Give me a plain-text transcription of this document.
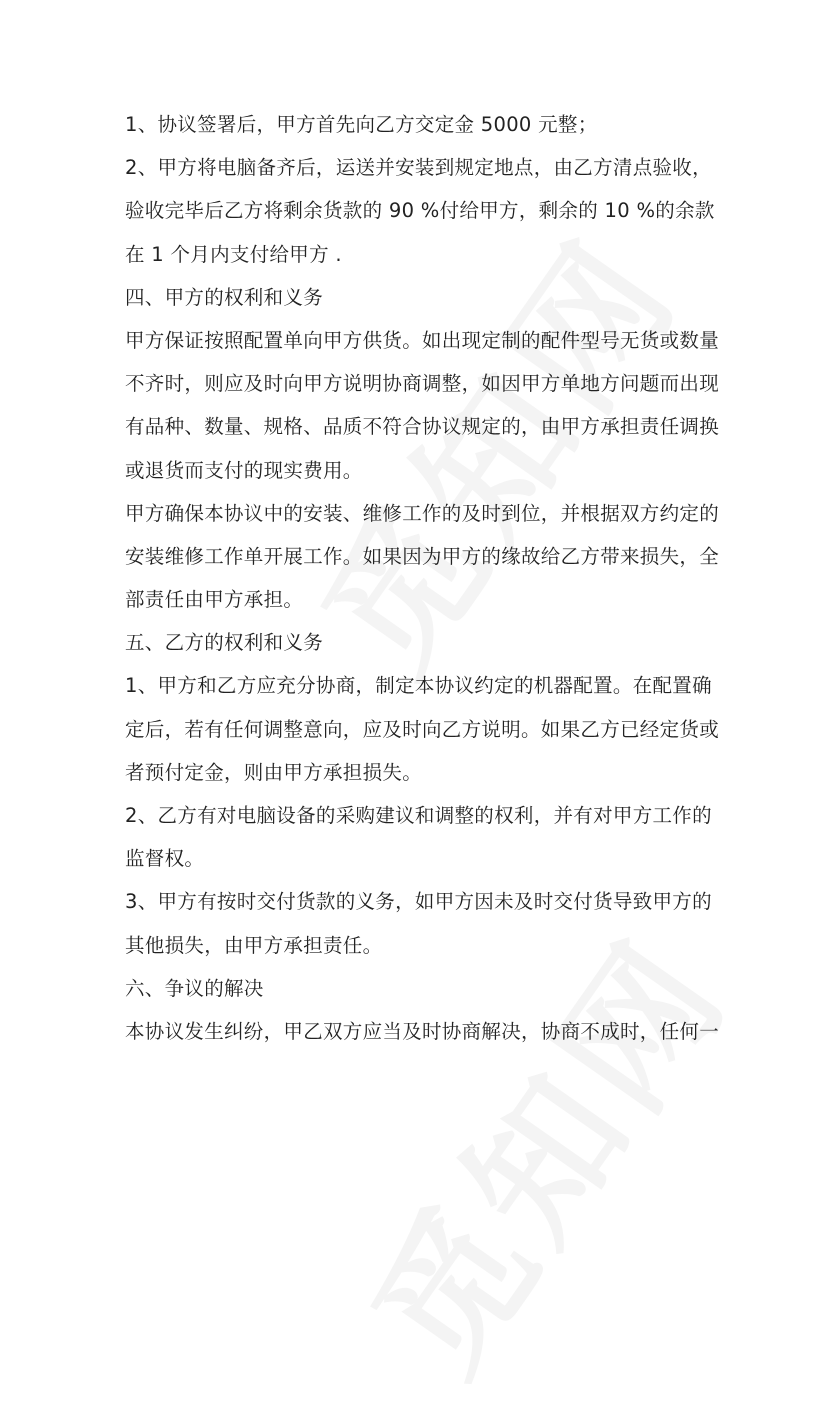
1、协议签署后，甲方首先向乙方交定金 5000 元整；
2、甲方将电脑备齐后，运送并安装到规定地点，由乙方清点验收，
验收完毕后乙方将剩余货款的 90 %付给甲方，剩余的 10 %的余款
在 1 个月内支付给甲方 .
四、甲方的权利和义务
甲方保证按照配置单向甲方供货。如出现定制的配件型号无货或数量
不齐时，则应及时向甲方说明协商调整，如因甲方单地方问题而出现
有品种、数量、规格、品质不符合协议规定的，由甲方承担责任调换
或退货而支付的现实费用。
甲方确保本协议中的安装、维修工作的及时到位，并根据双方约定的
安装维修工作单开展工作。如果因为甲方的缘故给乙方带来损失，全
部责任由甲方承担。
五、乙方的权利和义务
1、甲方和乙方应充分协商，制定本协议约定的机器配置。在配置确
定后，若有任何调整意向，应及时向乙方说明。如果乙方已经定货或
者预付定金，则由甲方承担损失。
2、乙方有对电脑设备的采购建议和调整的权利，并有对甲方工作的
监督权。
3、甲方有按时交付货款的义务，如甲方因未及时交付货导致甲方的
其他损失，由甲方承担责任。
六、争议的解决
本协议发生纠纷，甲乙双方应当及时协商解决，协商不成时，任何一
